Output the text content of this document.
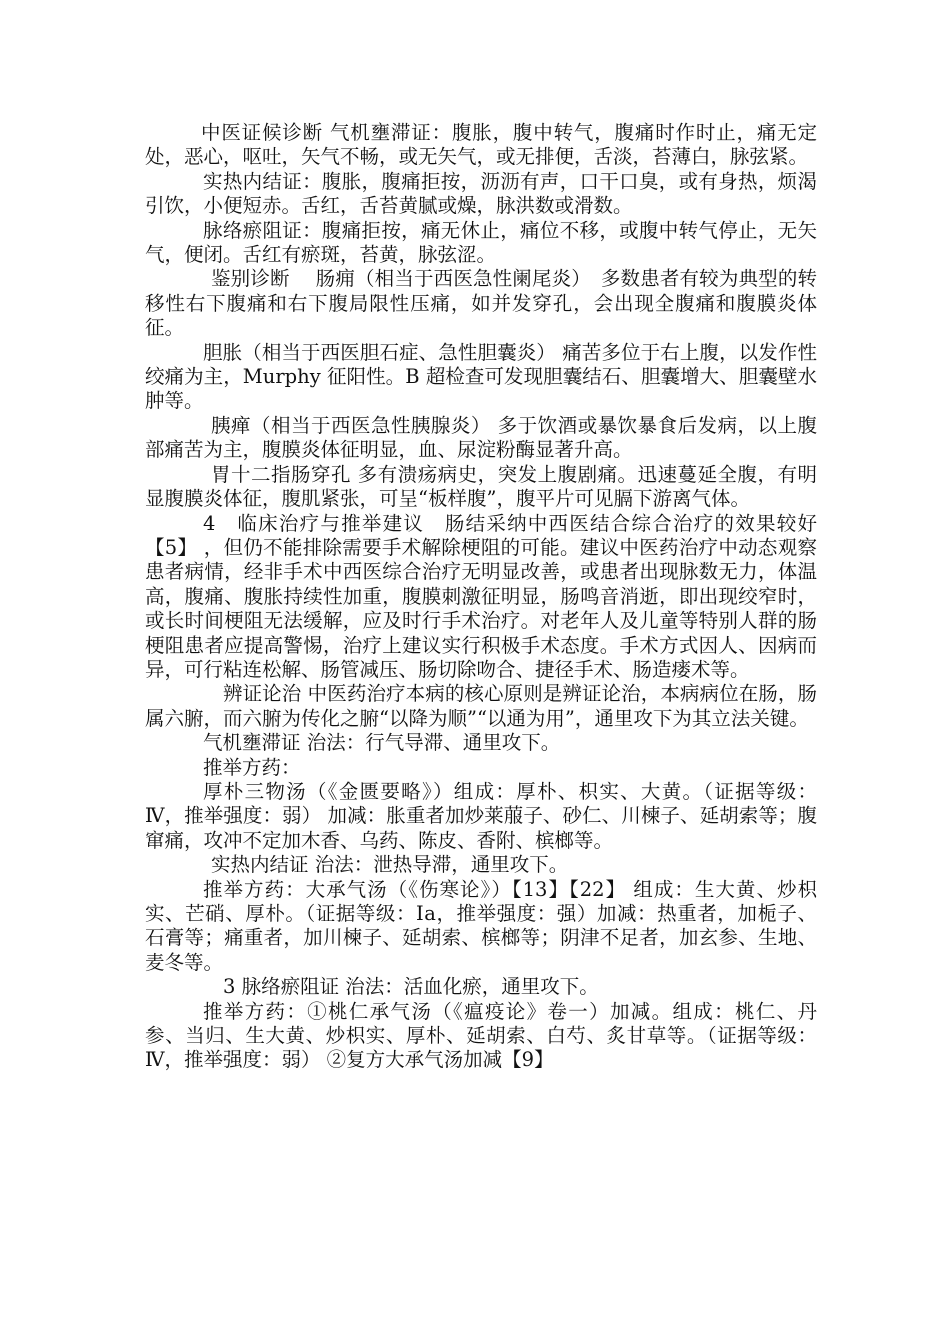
中医证候诊断 气机壅滞证：腹胀，腹中转气，腹痛时作时止，痛无定处，恶心，呕吐，矢气不畅，或无矢气，或无排便，舌淡，苔薄白，脉弦紧。

实热内结证：腹胀，腹痛拒按，沥沥有声，口干口臭，或有身热，烦渴引饮，小便短赤。舌红，舌苔黄腻或燥，脉洪数或滑数。

脉络瘀阻证：腹痛拒按，痛无休止，痛位不移，或腹中转气停止，无矢气，便闭。舌红有瘀斑，苔黄，脉弦涩。

鉴别诊断　 肠痈（相当于西医急性阑尾炎）　多数患者有较为典型的转移性右下腹痛和右下腹局限性压痛，如并发穿孔，会出现全腹痛和腹膜炎体征。

胆胀（相当于西医胆石症、急性胆囊炎） 痛苦多位于右上腹，以发作性绞痛为主，Murphy 征阳性。B 超检查可发现胆囊结石、胆囊增大、胆囊壁水肿等。

胰瘅（相当于西医急性胰腺炎） 多于饮酒或暴饮暴食后发病，以上腹部痛苦为主，腹膜炎体征明显，血、尿淀粉酶显著升高。

胃十二指肠穿孔 多有溃疡病史，突发上腹剧痛。迅速蔓延全腹，有明显腹膜炎体征，腹肌紧张，可呈“板样腹”，腹平片可见膈下游离气体。

4　临床治疗与推举建议　肠结采纳中西医结合综合治疗的效果较好【5】 ，但仍不能排除需要手术解除梗阻的可能。建议中医药治疗中动态观察患者病情，经非手术中西医综合治疗无明显改善，或患者出现脉数无力，体温高，腹痛、腹胀持续性加重，腹膜刺激征明显，肠鸣音消逝，即出现绞窄时，或长时间梗阻无法缓解，应及时行手术治疗。对老年人及儿童等特别人群的肠梗阻患者应提高警惕，治疗上建议实行积极手术态度。手术方式因人、因病而异，可行粘连松解、肠管减压、肠切除吻合、捷径手术、肠造瘘术等。

辨证论治 中医药治疗本病的核心原则是辨证论治，本病病位在肠，肠属六腑，而六腑为传化之腑“以降为顺”“以通为用”，通里攻下为其立法关键。

气机壅滞证 治法：行气导滞、通里攻下。

推举方药：

厚朴三物汤（《金匮要略》）组成：厚朴、枳实、大黄。（证据等级：Ⅳ，推举强度：弱） 加减：胀重者加炒莱菔子、砂仁、川楝子、延胡索等；腹窜痛，攻冲不定加木香、乌药、陈皮、香附、槟榔等。

实热内结证 治法：泄热导滞，通里攻下。

推举方药：大承气汤（《伤寒论》）【13】【22】 组成：生大黄、炒枳实、芒硝、厚朴。（证据等级：Ⅰa，推举强度：强）加减：热重者，加栀子、石膏等；痛重者，加川楝子、延胡索、槟榔等；阴津不足者，加玄参、生地、麦冬等。

3 脉络瘀阻证 治法：活血化瘀，通里攻下。

推举方药：①桃仁承气汤（《瘟疫论》卷一）加减。组成：桃仁、丹参、当归、生大黄、炒枳实、厚朴、延胡索、白芍、炙甘草等。（证据等级：Ⅳ，推举强度：弱） ②复方大承气汤加减【9】
